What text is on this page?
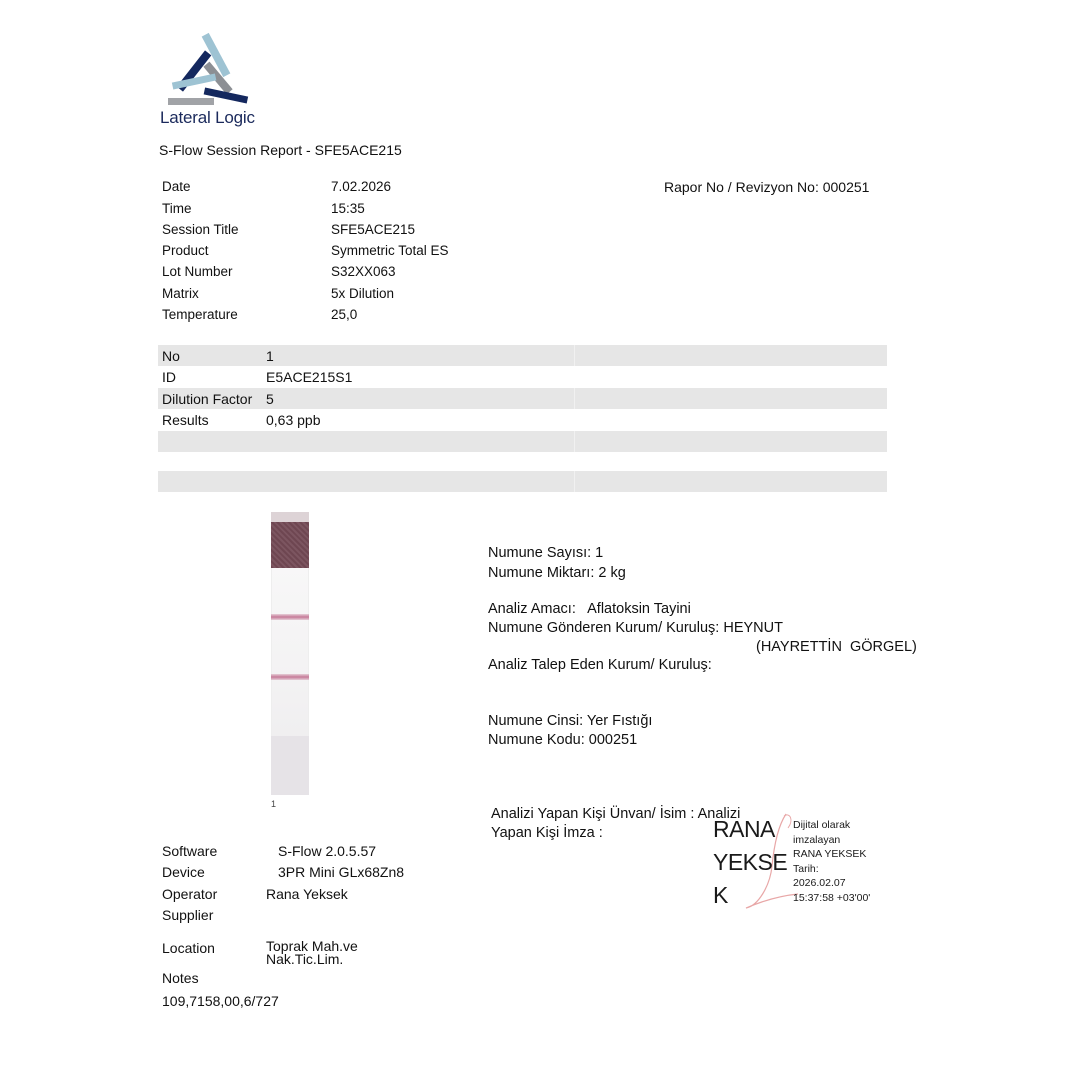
Lateral Logic
S-Flow Session Report - SFE5ACE215
Date	7.02.2026
Time	15:35
Session Title	SFE5ACE215
Product	Symmetric Total ES
Lot Number	S32XX063
Matrix	5x Dilution
Temperature	25,0
Rapor No / Revizyon No: 000251
No	1
ID	E5ACE215S1
Dilution Factor 5
Results	0,63 ppb
1
Numune Sayısı: 1
Numune Miktarı: 2 kg
Analiz Amacı:   Aflatoksin Tayini
Numune Gönderen Kurum/ Kuruluş: HEYNUT
(HAYRETTİN  GÖRGEL)
Analiz Talep Eden Kurum/ Kuruluş:
Numune Cinsi: Yer Fıstığı
Numune Kodu: 000251
Analizi Yapan Kişi Ünvan/ İsim : Analizi
Yapan Kişi İmza :	RANA
YEKSE
K
Dijital olarak
imzalayan
RANA YEKSEK
Tarih:
2026.02.07
15:37:58 +03'00'
Software	S-Flow 2.0.5.57
Device	3PR Mini GLx68Zn8
Operator	Rana Yeksek
Supplier
Location	Toprak Mah.ve
Nak.Tic.Lim.
Notes
109,7158,00,6/727
